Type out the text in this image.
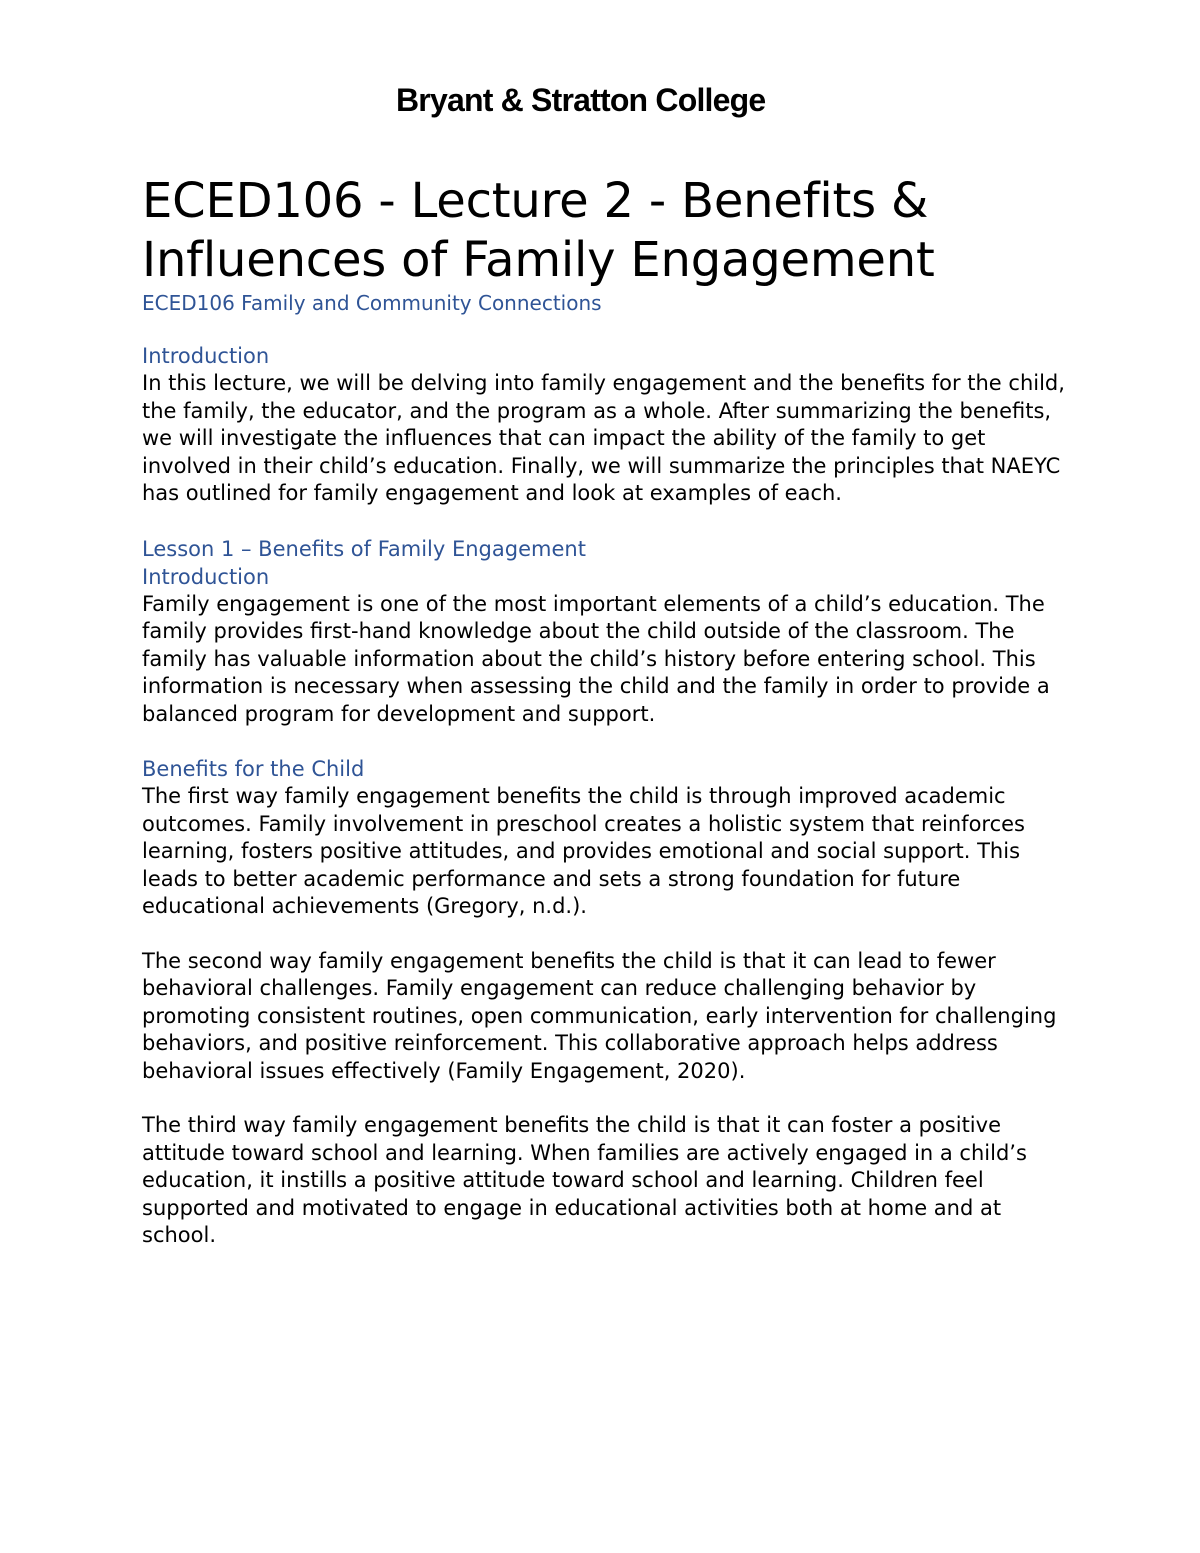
Bryant & Stratton College
ECED106 - Lecture 2 - Benefits & Influences of Family Engagement

ECED106 Family and Community Connections

Introduction

In this lecture, we will be delving into family engagement and the benefits for the child, the family, the educator, and the program as a whole. After summarizing the benefits, we will investigate the influences that can impact the ability of the family to get involved in their child’s education. Finally, we will summarize the principles that NAEYC has outlined for family engagement and look at examples of each.

Lesson 1 – Benefits of Family Engagement
Introduction

Family engagement is one of the most important elements of a child’s education. The family provides first-hand knowledge about the child outside of the classroom. The family has valuable information about the child’s history before entering school. This information is necessary when assessing the child and the family in order to provide a balanced program for development and support.

Benefits for the Child

The first way family engagement benefits the child is through improved academic outcomes. Family involvement in preschool creates a holistic system that reinforces learning, fosters positive attitudes, and provides emotional and social support. This leads to better academic performance and sets a strong foundation for future educational achievements (Gregory, n.d.).

The second way family engagement benefits the child is that it can lead to fewer behavioral challenges. Family engagement can reduce challenging behavior by promoting consistent routines, open communication, early intervention for challenging behaviors, and positive reinforcement. This collaborative approach helps address behavioral issues effectively (Family Engagement, 2020).

The third way family engagement benefits the child is that it can foster a positive attitude toward school and learning. When families are actively engaged in a child’s education, it instills a positive attitude toward school and learning. Children feel supported and motivated to engage in educational activities both at home and at school.
